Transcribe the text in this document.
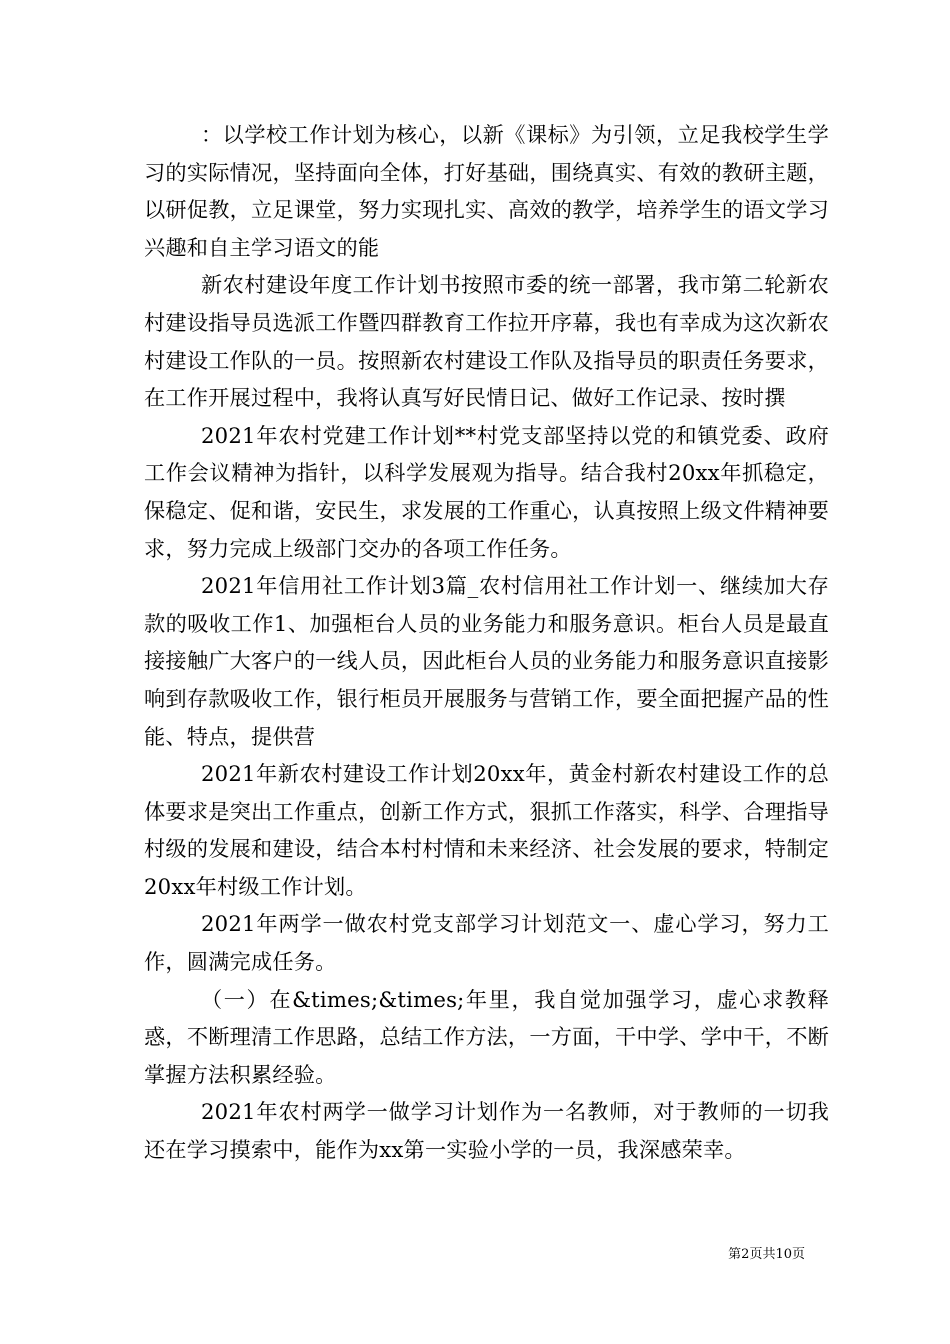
：以学校工作计划为核心，以新《课标》为引领，立足我校学生学习的实际情况，坚持面向全体，打好基础，围绕真实、有效的教研主题，以研促教，立足课堂，努力实现扎实、高效的教学，培养学生的语文学习兴趣和自主学习语文的能

新农村建设年度工作计划书按照市委的统一部署，我市第二轮新农村建设指导员选派工作暨四群教育工作拉开序幕，我也有幸成为这次新农村建设工作队的一员。按照新农村建设工作队及指导员的职责任务要求，在工作开展过程中，我将认真写好民情日记、做好工作记录、按时撰

2021年农村党建工作计划**村党支部坚持以党的和镇党委、政府工作会议精神为指针，以科学发展观为指导。结合我村20xx年抓稳定，保稳定、促和谐，安民生，求发展的工作重心，认真按照上级文件精神要求，努力完成上级部门交办的各项工作任务。

2021年信用社工作计划3篇_农村信用社工作计划一、继续加大存款的吸收工作1、加强柜台人员的业务能力和服务意识。柜台人员是最直接接触广大客户的一线人员，因此柜台人员的业务能力和服务意识直接影响到存款吸收工作，银行柜员开展服务与营销工作，要全面把握产品的性能、特点，提供营

2021年新农村建设工作计划20xx年，黄金村新农村建设工作的总体要求是突出工作重点，创新工作方式，狠抓工作落实，科学、合理指导村级的发展和建设，结合本村村情和未来经济、社会发展的要求，特制定20xx年村级工作计划。

2021年两学一做农村党支部学习计划范文一、虚心学习，努力工作，圆满完成任务。

（一）在&times;&times;年里，我自觉加强学习，虚心求教释惑，不断理清工作思路，总结工作方法，一方面，干中学、学中干，不断掌握方法积累经验。

2021年农村两学一做学习计划作为一名教师，对于教师的一切我还在学习摸索中，能作为xx第一实验小学的一员，我深感荣幸。

第2页共10页
